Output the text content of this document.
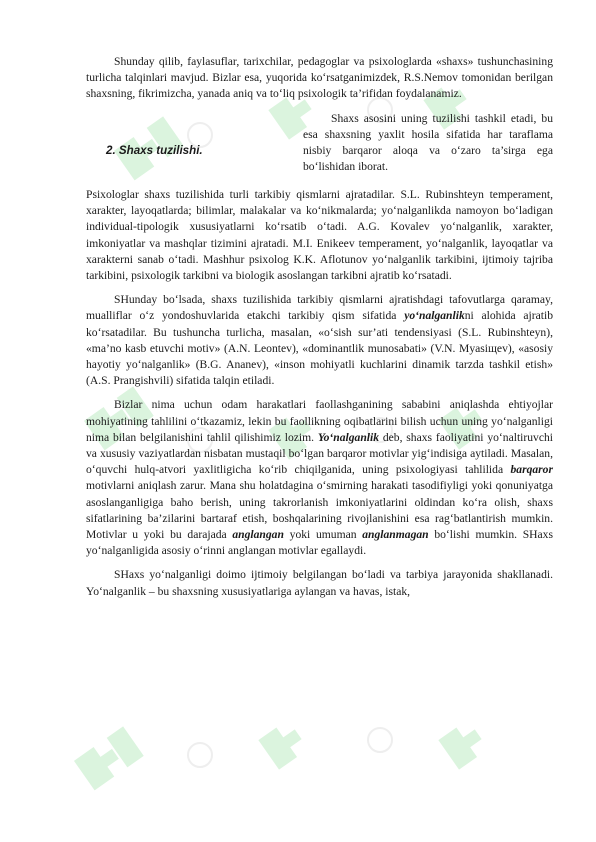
Shunday qilib, faylasuflar, tarixchilar, pedagoglar va psixologlarda «shaxs» tushunchasining turlicha talqinlari mavjud. Bizlar esa, yuqorida ko‘rsatganimizdek, R.S.Nemov tomonidan berilgan shaxsning, fikrimizcha, yanada aniq va to‘liq psixologik ta’rifidan foydalanamiz.

2. Shaxs tuzilishi.

Shaxs asosini uning tuzilishi tashkil etadi, bu esa shaxsning yaxlit hosila sifatida har taraflama nisbiy barqaror aloqa va o‘zaro ta’sirga ega bo‘lishidan iborat.

Psixologlar shaxs tuzilishida turli tarkibiy qismlarni ajratadilar. S.L. Rubinshteyn temperament, xarakter, layoqatlarda; bilimlar, malakalar va ko‘nikmalarda; yo‘nalganlikda namoyon bo‘ladigan individual-tipologik xususiyatlarni ko‘rsatib o‘tadi. A.G. Kovalev yo‘nalganlik, xarakter, imkoniyatlar va mashqlar tizimini ajratadi. M.I. Enikeev temperament, yo‘nalganlik, layoqatlar va xarakterni sanab o‘tadi. Mashhur psixolog K.K. Aflotunov yo‘nalganlik tarkibini, ijtimoiy tajriba tarkibini, psixologik tarkibni va biologik asoslangan tarkibni ajratib ko‘rsatadi.

SHunday bo‘lsada, shaxs tuzilishida tarkibiy qismlarni ajratishdagi tafovutlarga qaramay, mualliflar o‘z yondoshuvlarida etakchi tarkibiy qism sifatida yo‘nalganlikni alohida ajratib ko‘rsatadilar. Bu tushuncha turlicha, masalan, «o‘sish sur’ati tendensiyasi (S.L. Rubinshteyn), «ma’no kasb etuvchi motiv» (A.N. Leontev), «dominantlik munosabati» (V.N. Мyasiщev), «asosiy hayotiy yo‘nalganlik» (B.G. Ananev), «inson mohiyatli kuchlarini dinamik tarzda tashkil etish» (A.S. Prangishvili) sifatida talqin etiladi.

Bizlar nima uchun odam harakatlari faollashganining sababini aniqlashda ehtiyojlar mohiyatining tahlilini o‘tkazamiz, lekin bu faollikning oqibatlarini bilish uchun uning yo‘nalganligi nima bilan belgilanishini tahlil qilishimiz lozim. Yo‘nalganlik deb, shaxs faoliyatini yo‘naltiruvchi va xususiy vaziyatlardan nisbatan mustaqil bo‘lgan barqaror motivlar yig‘indisiga aytiladi. Masalan, o‘quvchi hulq-atvori yaxlitligicha ko‘rib chiqilganida, uning psixologiyasi tahlilida barqaror motivlarni aniqlash zarur. Mana shu holatdagina o‘smirning harakati tasodifiyligi yoki qonuniyatga asoslanganligiga baho berish, uning takrorlanish imkoniyatlarini oldindan ko‘ra olish, shaxs sifatlarining ba’zilarini bartaraf etish, boshqalarining rivojlanishini esa rag‘batlantirish mumkin. Motivlar u yoki bu darajada anglangan yoki umuman anglanmagan bo‘lishi mumkin. SHaxs yo‘nalganligida asosiy o‘rinni anglangan motivlar egallaydi.

SHaxs yo‘nalganligi doimo ijtimoiy belgilangan bo‘ladi va tarbiya jarayonida shakllanadi. Yo‘nalganlik – bu shaxsning xususiyatlariga aylangan va havas, istak,
